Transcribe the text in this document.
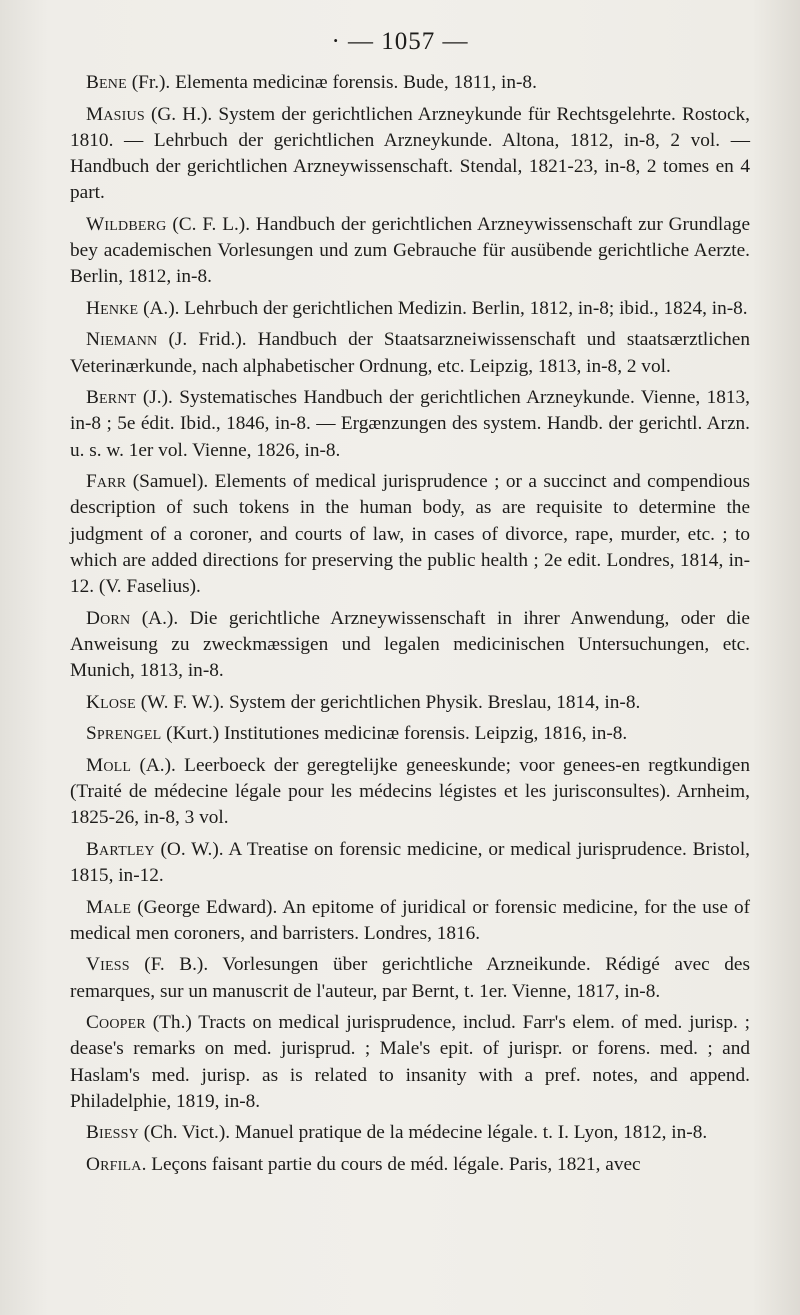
· — 1057 —

Bene (Fr.). Elementa medicinæ forensis. Bude, 1811, in-8.

Masius (G. H.). System der gerichtlichen Arzneykunde für Rechtsgelehrte. Rostock, 1810. — Lehrbuch der gerichtlichen Arzneykunde. Altona, 1812, in-8, 2 vol. — Handbuch der gerichtlichen Arzneywissenschaft. Stendal, 1821-23, in-8, 2 tomes en 4 part.

Wildberg (C. F. L.). Handbuch der gerichtlichen Arzneywissenschaft zur Grundlage bey academischen Vorlesungen und zum Gebrauche für ausübende gerichtliche Aerzte. Berlin, 1812, in-8.

Henke (A.). Lehrbuch der gerichtlichen Medizin. Berlin, 1812, in-8; ibid., 1824, in-8.

Niemann (J. Frid.). Handbuch der Staatsarzneiwissenschaft und staatsærztlichen Veterinærkunde, nach alphabetischer Ordnung, etc. Leipzig, 1813, in-8, 2 vol.

Bernt (J.). Systematisches Handbuch der gerichtlichen Arzneykunde. Vienne, 1813, in-8 ; 5e édit. Ibid., 1846, in-8. — Ergænzungen des system. Handb. der gerichtl. Arzn. u. s. w. 1er vol. Vienne, 1826, in-8.

Farr (Samuel). Elements of medical jurisprudence ; or a succinct and compendious description of such tokens in the human body, as are requisite to determine the judgment of a coroner, and courts of law, in cases of divorce, rape, murder, etc. ; to which are added directions for preserving the public health ; 2e edit. Londres, 1814, in-12. (V. Faselius).

Dorn (A.). Die gerichtliche Arzneywissenschaft in ihrer Anwendung, oder die Anweisung zu zweckmæssigen und legalen medicinischen Untersuchungen, etc. Munich, 1813, in-8.

Klose (W. F. W.). System der gerichtlichen Physik. Breslau, 1814, in-8.

Sprengel (Kurt.) Institutiones medicinæ forensis. Leipzig, 1816, in-8.

Moll (A.). Leerboeck der geregtelijke geneeskunde; voor genees-en regtkundigen (Traité de médecine légale pour les médecins légistes et les jurisconsultes). Arnheim, 1825-26, in-8, 3 vol.

Bartley (O. W.). A Treatise on forensic medicine, or medical jurisprudence. Bristol, 1815, in-12.

Male (George Edward). An epitome of juridical or forensic medicine, for the use of medical men coroners, and barristers. Londres, 1816.

Viess (F. B.). Vorlesungen über gerichtliche Arzneikunde. Rédigé avec des remarques, sur un manuscrit de l'auteur, par Bernt, t. 1er. Vienne, 1817, in-8.

Cooper (Th.) Tracts on medical jurisprudence, includ. Farr's elem. of med. jurisp. ; dease's remarks on med. jurisprud. ; Male's epit. of jurispr. or forens. med. ; and Haslam's med. jurisp. as is related to insanity with a pref. notes, and append. Philadelphie, 1819, in-8.

Biessy (Ch. Vict.). Manuel pratique de la médecine légale. t. I. Lyon, 1812, in-8.

Orfila. Leçons faisant partie du cours de méd. légale. Paris, 1821, avec
